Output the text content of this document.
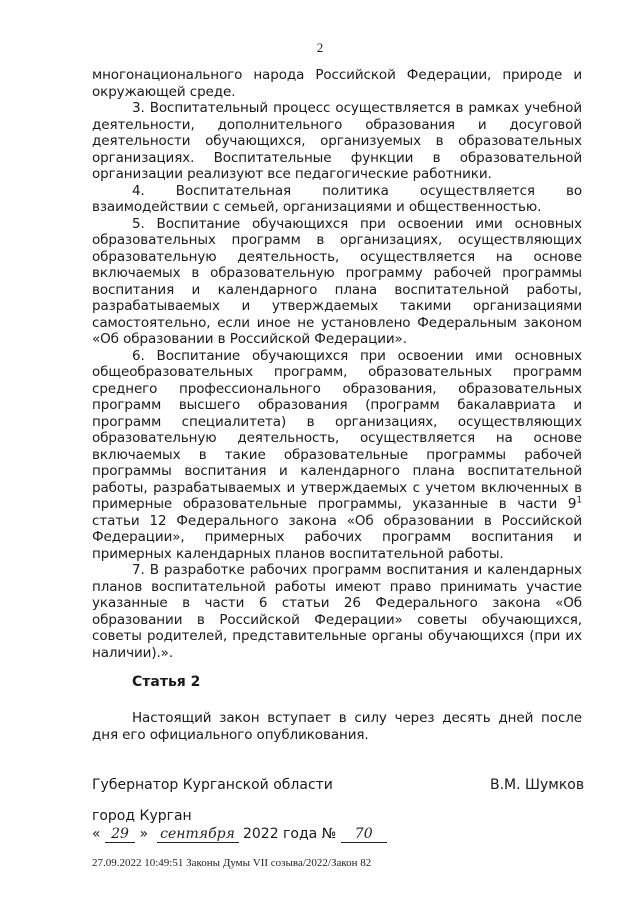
2

многонационального народа Российской Федерации, природе и окружающей среде.

3. Воспитательный процесс осуществляется в рамках учебной деятельности, дополнительного образования и досуговой деятельности обучающихся, организуемых в образовательных организациях. Воспитательные функции в образовательной организации реализуют все педагогические работники.

4. Воспитательная политика осуществляется во взаимодействии с семьей, организациями и общественностью.

5. Воспитание обучающихся при освоении ими основных образовательных программ в организациях, осуществляющих образовательную деятельность, осуществляется на основе включаемых в образовательную программу рабочей программы воспитания и календарного плана воспитательной работы, разрабатываемых и утверждаемых такими организациями самостоятельно, если иное не установлено Федеральным законом «Об образовании в Российской Федерации».

6. Воспитание обучающихся при освоении ими основных общеобразовательных программ, образовательных программ среднего профессионального образования, образовательных программ высшего образования (программ бакалавриата и программ специалитета) в организациях, осуществляющих образовательную деятельность, осуществляется на основе включаемых в такие образовательные программы рабочей программы воспитания и календарного плана воспитательной работы, разрабатываемых и утверждаемых с учетом включенных в примерные образовательные программы, указанные в части $9^1$ статьи 12 Федерального закона «Об образовании в Российской Федерации», примерных рабочих программ воспитания и примерных календарных планов воспитательной работы.

7. В разработке рабочих программ воспитания и календарных планов воспитательной работы имеют право принимать участие указанные в части 6 статьи 26 Федерального закона «Об образовании в Российской Федерации» советы обучающихся, советы родителей, представительные органы обучающихся (при их наличии).».

Статья 2

Настоящий закон вступает в силу через десять дней после дня его официального опубликования.

Губернатор Курганской области	В.М. Шумков
город Курган
« 29 » сентября 2022 года № 70
27.09.2022 10:49:51 Законы Думы VII созыва/2022/Закон 82
